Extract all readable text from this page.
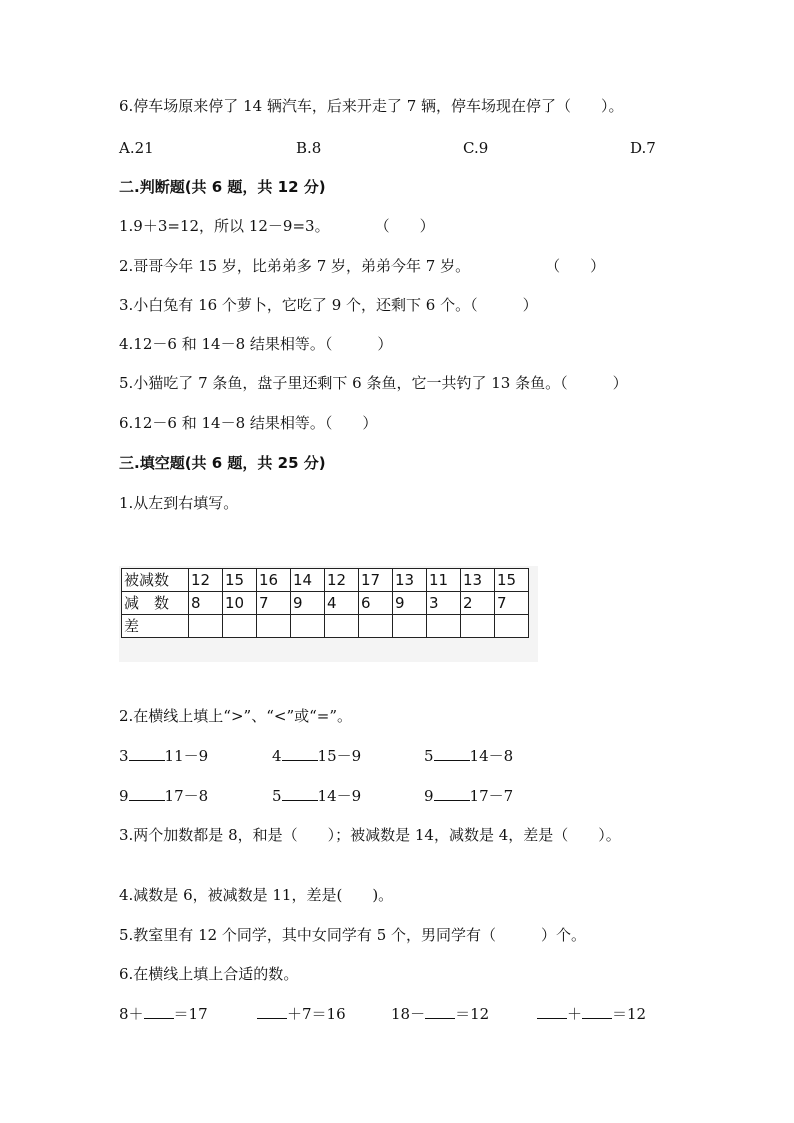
6.停车场原来停了 14 辆汽车，后来开走了 7 辆，停车场现在停了（　　）。
A.21	B.8	C.9	D.7
二.判断题(共 6 题，共 12 分)
1.9＋3=12，所以 12－9=3。　　　　（　　）
2.哥哥今年 15 岁，比弟弟多 7 岁，弟弟今年 7 岁。　　　　　　（　　）
3.小白兔有 16 个萝卜，它吃了 9 个，还剩下 6 个。（　　　）
4.12－6 和 14－8 结果相等。（　　　）
5.小猫吃了 7 条鱼，盘子里还剩下 6 条鱼，它一共钓了 13 条鱼。（　　　）
6.12－6 和 14－8 结果相等。（　　）
三.填空题(共 6 题，共 25 分)
1.从左到右填写。
被减数	12	15	16	14	12	17	13	11	13	15
减　数	8	10	7	9	4	6	9	3	2	7
差										
2.在横线上填上“>”、“<”或“=”。
3 11－9	4 15－9	5 14－8
9 17－8	5 14－9	9 17－7
3.两个加数都是 8，和是（　　）；被减数是 14，减数是 4，差是（　　）。
4.减数是 6，被减数是 11，差是(　　)。
5.教室里有 12 个同学，其中女同学有 5 个，男同学有（　　　）个。
6.在横线上填上合适的数。
8＋ ＝17	＋7＝16	18－ ＝12	＋ ＝12
